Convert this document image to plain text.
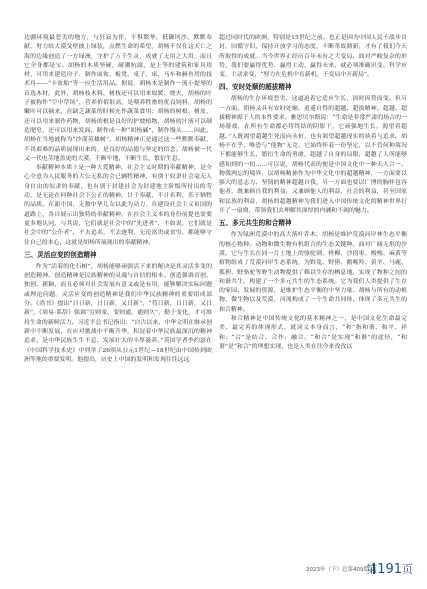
边疆环境最恶劣的地方，与狂寂为伴，不惧繁华，抵御风沙，默默奉献，努力给大漠戈壁披上绿装，点燃生命的希望。胡杨不仅在这天亡之海的边缘创造了一方绿洲，守护了万千生灵，成就了无用之大用，而且它全身都是宝。胡杨的木质坚硬，耐潮抗腐，是上等的建筑和家具用材，可用来建造房子、制作面盆、板凳、桌子、床、马车和赫鱼用的技术舟——“卡盆船”等一应生活用品。据说，胡杨木是制作一流小提琴的首选木材。此外，胡杨枝木料、树枝还可以用来取暖、烧火，胡杨的叶子被称作“空中草场”，营养价值很高，是喂养牲畜的优良饲料，胡杨的嫩叶可以摘来，在缺乏蔬菜的时候充作蔬菜食用；胡杨的树根、树皮，还可以用来制作药物，胡杨的根是良好的护坡植物，胡杨的汁液可以制造肥皂，还可以用来发面，制作成一种“胡杨碱”，制作馒头……因此，胡杨在当地被称为“沙漠英雄树”，胡杨精神正是通过这一些默默奉献、不畏艰难的品质展现出来的，是良好的品德与坚定的信念。胡杨被一代又一代电茎地盖更的大漠，不断牢地，不断生长，繁衍生息。

奉献精神本质上是一种大爱精神，社会主义时期的奉献精神，是全心全意为人民服务的大公无私的会已辆牲精神，有别于奴隶社会毫无人身自由的奴隶的奉献，也有别于封建社会为封建地主阶级所付出的劳动，是无论在何种社会下公正的精神，甘于奉献、不计名利、乐于牺牲的品质。在新中国，无数中华儿女以此为动力，在建设社会主义祖国的道路上，各自展示出独特的奉献精神，在社会主义本的身份前提也需要更多地认同，与其说，它们就是社会中的“先进者”，不如说，它们就是社会中的“公仆者”，不去追名，不去逐利，无论富贵或贫穷，都能够守住自己的本心，这就是胡杨所展现出的奉献精神。

三、灵活应变的创造精神

作为“活着的化石树”，胡杨能够顽强活下来的秘诀是其灵活多变的创造精神。创造精神是民族精神的灵魂与自信的根本。创造强调首创、独创、新颖，而且必须对社会发展有意义或是有用，能够解决实际问题或理论问题。灵活应变的创造精神是我们中华民族精神的重要组成部分。《尚书》提出“日日新，日日新，又日新”，“苟日新，日日新，又日新”，《周易·系辞》强调“穷则变，变则通，通则久”，勤于变化，才可维持生命的新鲜活力。习近平总书记指出：“自古以来，中华文明在继承创新中不断发展，在应对挑战中不断升华，积淀着中华民族最深沉的精神追求，是中华民族生生不息、发展壮大的丰厚滋养。”英国学者李约瑟在《中国科学技术史》中列举了26项从公元1世纪—18世纪由中国传到欧洲等地的重要发明。他提出，历史上中国的发明和发现往往远远

超过同时代的欧洲，特别是15世纪之前。也正是因为中国人民不故步自封，因循守旧，保持开放学习的态度，不断革故鼎新，才有了我们今天所取得的成就。当今世界正经历百年未有之大变局，面对严峻复杂的形势，我们要赢得优势、赢得主动、赢得未来，就必须准确识变、科学应变、主动求变，“努力在危机中育新机，于变局中开新局”。

四、安时处顺的超拔精神

胡杨的生存环境恶劣，这逼迫着它适应生长，因时因势而变。但另一方面，胡杨又具有安时处顺、逍遥自得的超越、超拔精神。超越、超拔精神源于人的本性要求。雅思贝尔斯说：“生命是非常严肃的场合的一场游戏，在所有生命都必将终结的阴影下，它顽强地生长，渴望着超越。”人既渴望超越生死而向永恒，也有渴望超越现实的执着与追求。胡杨不在乎，唯恐与“他物”无竞，它始终怀着一份坚定，以不管何种境况下都能够生长、繁衍生命的勇敢，超越了自身的局限，超越了人所能够感知到的一切……可以说，胡杨代表的便是中国文化中一种天人合一、物我两忘的境界，以胡杨精神作为中华文化中的超越精神，一方面要以强大的意志力、坚韧的精神超越自我，另一方面也要以广博的胸怀包容他者，既兼顾自我的利益，又兼顾他人的利益、社会的利益，甚至国家和民族的利益，胡杨的超越精神为我们进入中国传统文化的精神世界打开了一扇窗，带领我们去理解其深厚的内涵和不竭的魅力。

五、多元共生的和合精神

作为绿洲荒漠中的高大落叶乔木，胡杨是维护荒漠河岸林生态平衡的核心物种。动物和微生物有机组合的生态关键种。面对广阔无垠的沙漠，它与生长在同一片土地上的骆驼刺、柽柳、沙拐枣、梭梭、麻黄等植物组成了荒漠河岸生态系统，为野兔、野猪、鹅喉羚、黄羊、马鹿、狐狸、野骆驼等野生动物提供了赖以生存的栖息地，实现了物种之间的和谐共生，构建了一个多元共生的生态系统。它为我们人类提供了生存的家园、发展的资源，是维护生态平衡的中坚力量。胡杨与所有的动植物、微生物以及荒漠、河流构成了一个生命共同体，体现了多元共生的和合精神。

和合精神是中国传统文化的基本精神之一，是中国文化生命最完美、最完善的体现形式。就词义本身而言，“和”指和谐、和平、祥和；“合”是结合、合作、融合。“和合”是实现“和谐”的途径，“和谐”是“和合”的理想实现，也是人类在往今来孜孜以

2023年（下）总第409期
第191页
